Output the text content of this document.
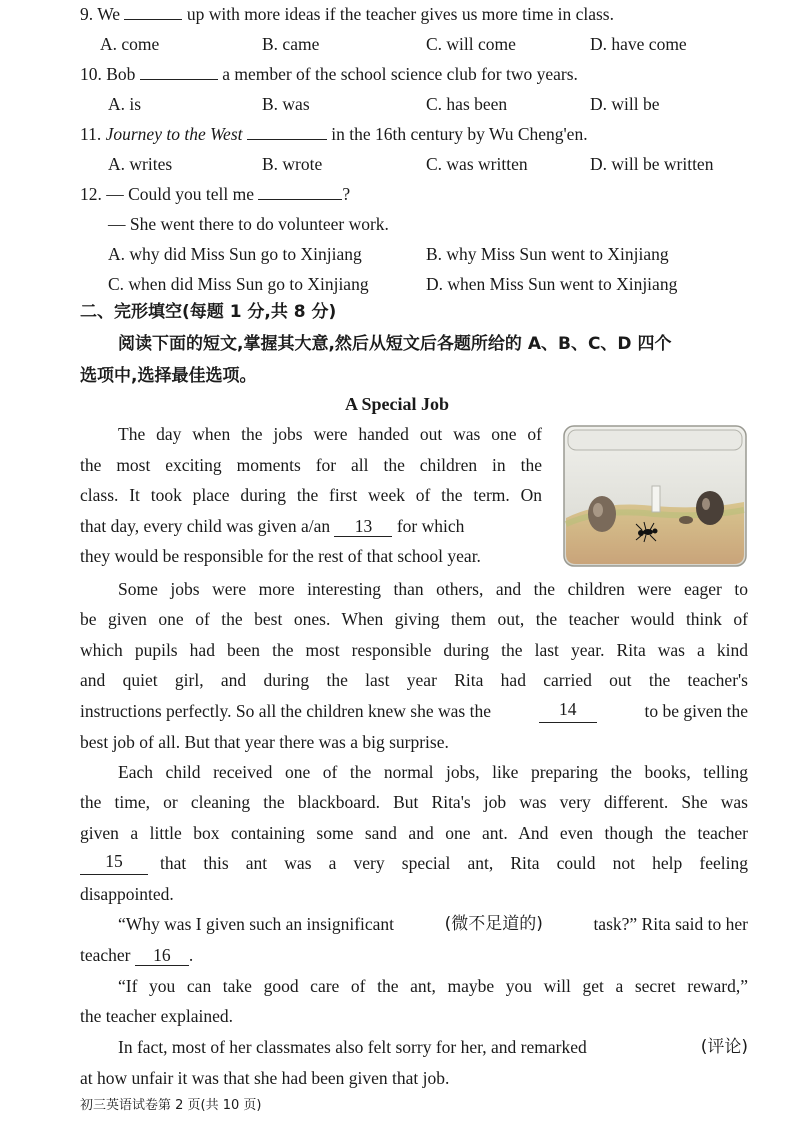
9. We	up with more ideas if the teacher gives us more time in class.
A. come	B. came	C. will come	D. have come
10. Bob	a member of the school science club for two years.
A. is	B. was	C. has been	D. will be
11. Journey to the West	in the 16th century by Wu Cheng'en.
A. writes	B. wrote	C. was written	D. will be written
12. — Could you tell me	?
— She went there to do volunteer work.
A. why did Miss Sun go to Xinjiang	B. why Miss Sun went to Xinjiang
C. when did Miss Sun go to Xinjiang	D. when Miss Sun went to Xinjiang
二、完形填空(每题 1 分,共 8 分)
阅读下面的短文,掌握其大意,然后从短文后各题所给的 A、B、C、D 四个
选项中,选择最佳选项。
A Special Job
The day when the jobs were handed out was one of
the most exciting moments for all the children in the
class. It took place during the first week of the term. On
that day, every child was given a/an 13 for which
they would be responsible for the rest of that school year.
Some jobs were more interesting than others, and the children were eager to
be given one of the best ones. When giving them out, the teacher would think of
which pupils had been the most responsible during the last year. Rita was a kind
and quiet girl, and during the last year Rita had carried out the teacher's
instructions perfectly. So all the children knew she was the	14	to be given the
best job of all. But that year there was a big surprise.
Each child received one of the normal jobs, like preparing the books, telling
the time, or cleaning the blackboard. But Rita's job was very different. She was
given a little box containing some sand and one ant. And even though the teacher
15	that this ant was a very special ant, Rita could not help feeling
disappointed.
“Why was I given such an insignificant	(微不足道的)	task?” Rita said to her
teacher 16 .
“If you can take good care of the ant, maybe you will get a secret reward,”
the teacher explained.
In fact, most of her classmates also felt sorry for her, and remarked	(评论)
at how unfair it was that she had been given that job.
初三英语试卷第 2 页(共 10 页)
